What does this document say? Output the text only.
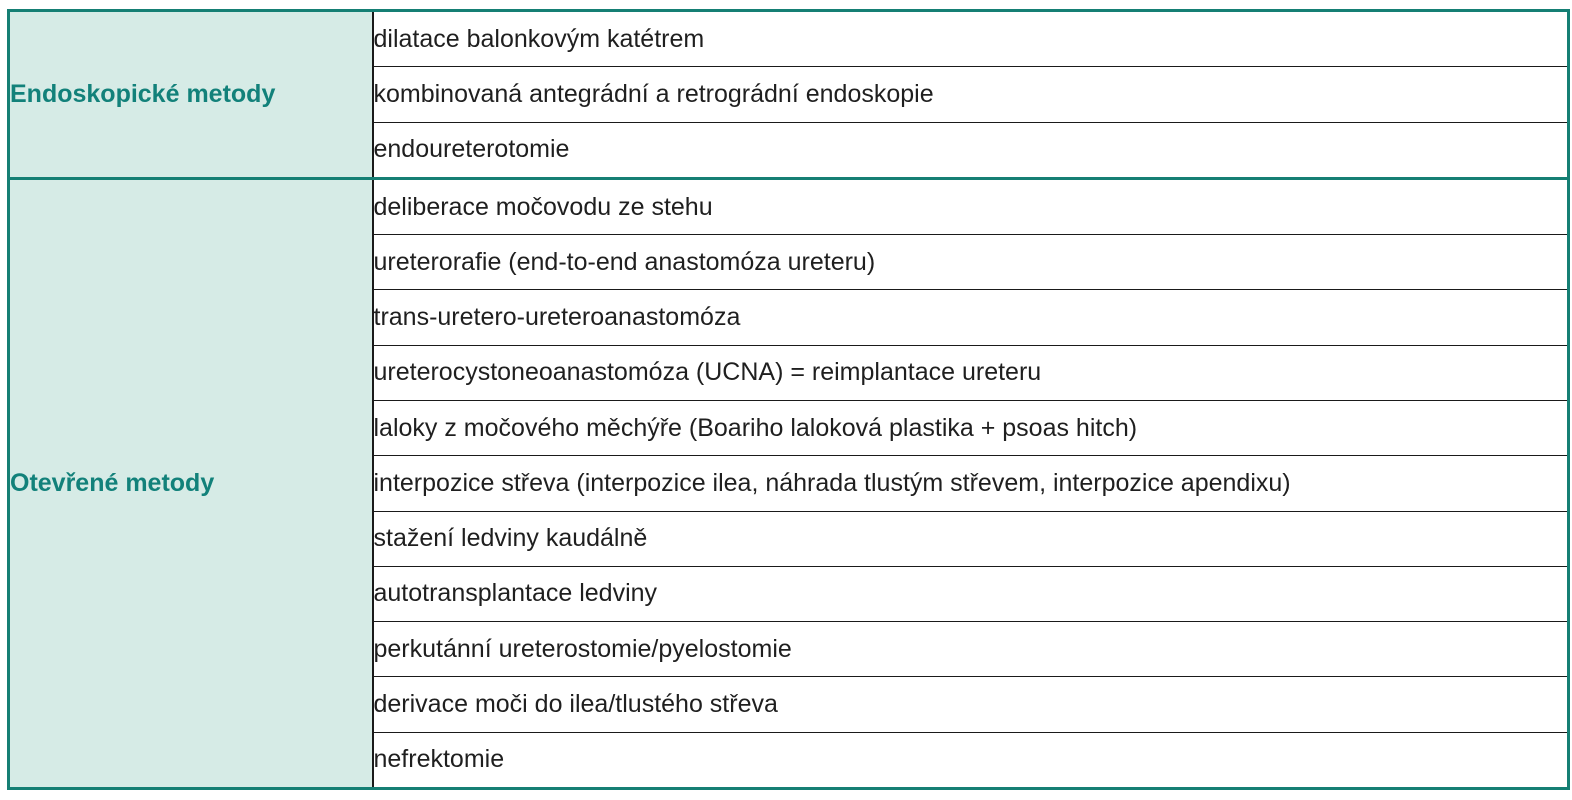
Endoskopické metody	dilatace balonkovým katétrem
	kombinovaná antegrádní a retrográdní endoskopie
	endoureterotomie
Otevřené metody	deliberace močovodu ze stehu
	ureterorafie (end-to-end anastomóza ureteru)
	trans-uretero-ureteroanastomóza
	ureterocystoneoanastomóza (UCNA) = reimplantace ureteru
	laloky z močového měchýře (Boariho laloková plastika + psoas hitch)
	interpozice střeva (interpozice ilea, náhrada tlustým střevem, interpozice apendixu)
	stažení ledviny kaudálně
	autotransplantace ledviny
	perkutánní ureterostomie/pyelostomie
	derivace moči do ilea/tlustého střeva
	nefrektomie
